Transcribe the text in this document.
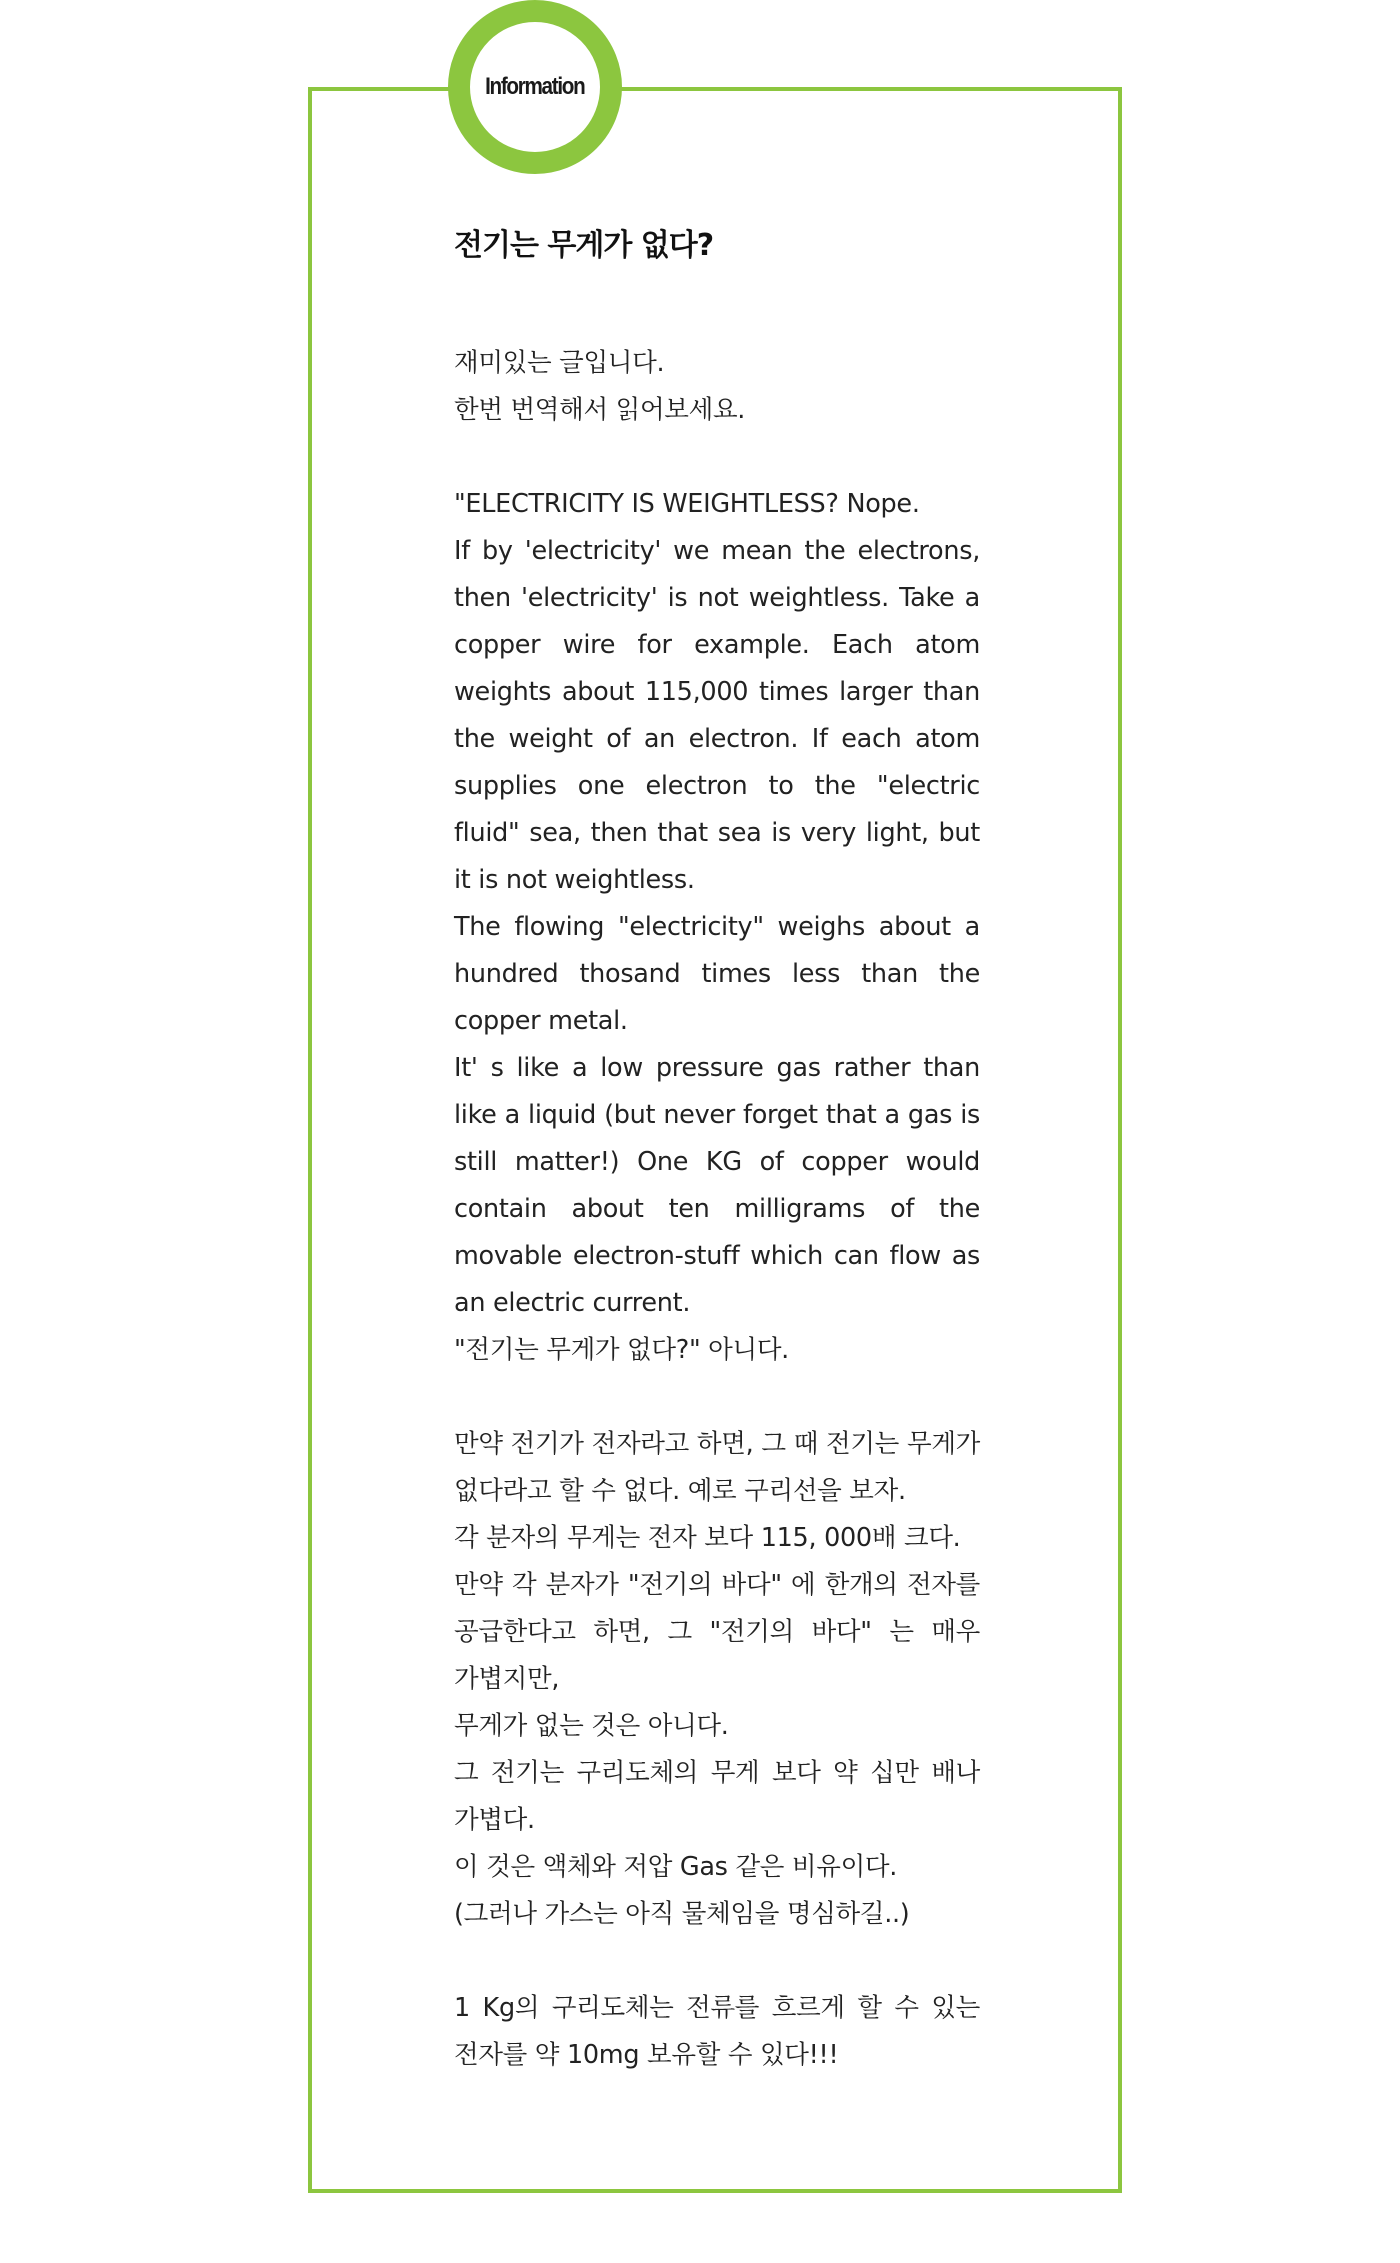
Information
전기는 무게가 없다?

재미있는 글입니다.

한번 번역해서 읽어보세요.

"ELECTRICITY IS WEIGHTLESS? Nope.

If by 'electricity' we mean the electrons, then 'electricity' is not weightless. Take a copper wire for example. Each atom weights about 115,000 times larger than the weight of an electron. If each atom supplies one electron to the "electric fluid" sea, then that sea is very light, but it is not weightless.

The flowing "electricity" weighs about a hundred thosand times less than the copper metal.

It' s like a low pressure gas rather than like a liquid (but never forget that a gas is still matter!) One KG of copper would contain about ten milligrams of the movable electron-stuff which can flow as an electric current.

"전기는 무게가 없다?" 아니다.

만약 전기가 전자라고 하면, 그 때 전기는 무게가 없다라고 할 수 없다. 예로 구리선을 보자.

각 분자의 무게는 전자 보다 115, 000배 크다.

만약 각 분자가 "전기의 바다" 에 한개의 전자를 공급한다고 하면, 그 "전기의 바다" 는 매우 가볍지만,

무게가 없는 것은 아니다.

그 전기는 구리도체의 무게 보다 약 십만 배나 가볍다.

이 것은 액체와 저압 Gas 같은 비유이다.

(그러나 가스는 아직 물체임을 명심하길..)

1 Kg의 구리도체는 전류를 흐르게 할 수 있는 전자를 약 10mg 보유할 수 있다!!!
